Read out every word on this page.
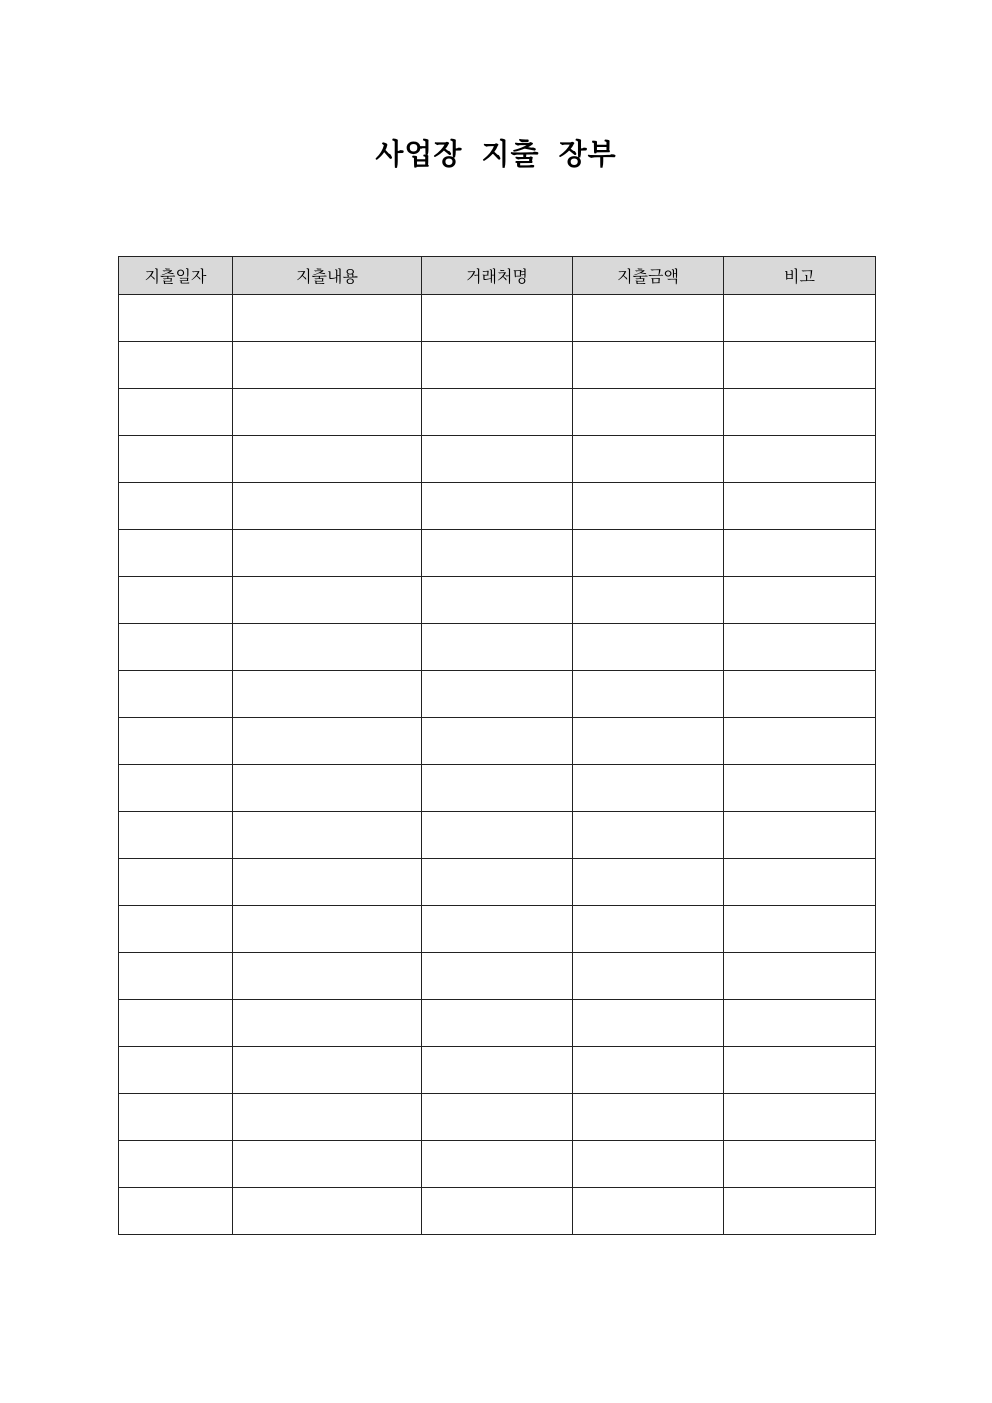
사업장 지출 장부
지출일자	지출내용	거래처명	지출금액	비고
